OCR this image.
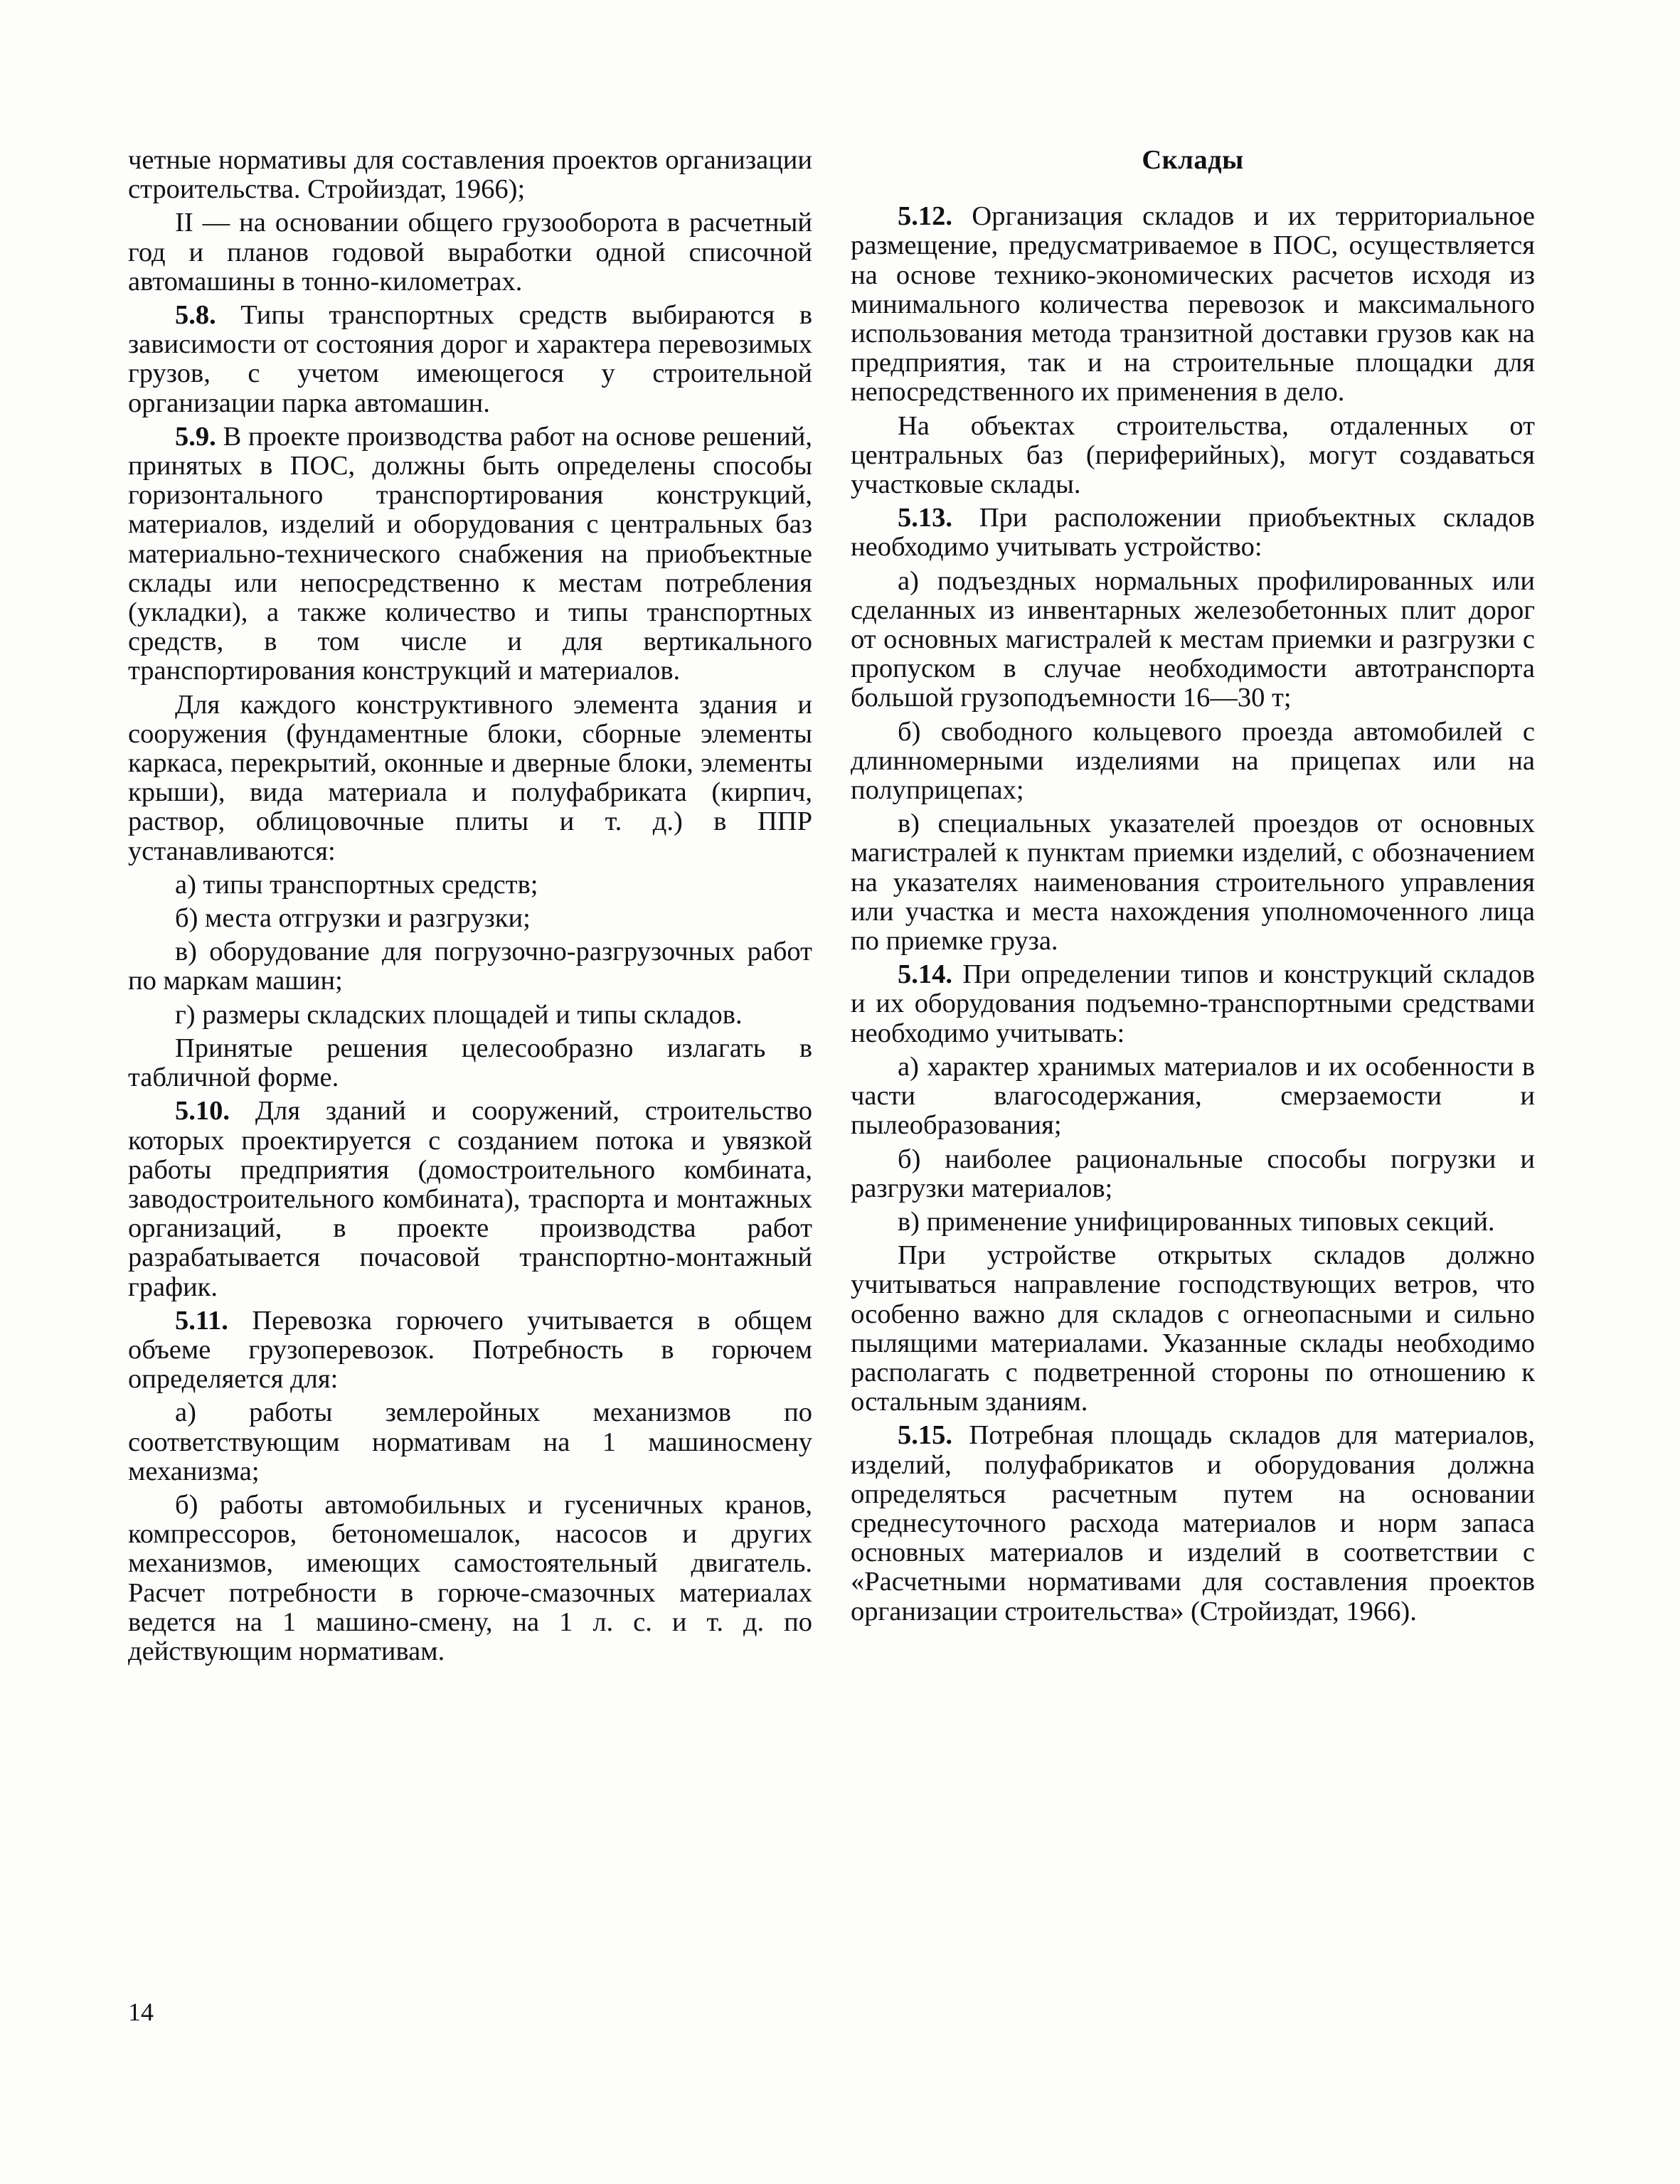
четные нормативы для составления проектов организации строительства. Стройиздат, 1966);

II — на основании общего грузооборота в расчетный год и планов годовой выработки одной списочной автомашины в тонно-километрах.

5.8. Типы транспортных средств выбираются в зависимости от состояния дорог и характера перевозимых грузов, с учетом имеющегося у строительной организации парка автомашин.

5.9. В проекте производства работ на основе решений, принятых в ПОС, должны быть определены способы горизонтального транспортирования конструкций, материалов, изделий и оборудования с центральных баз материально-технического снабжения на приобъектные склады или непосредственно к местам потребления (укладки), а также количество и типы транспортных средств, в том числе и для вертикального транспортирования конструкций и материалов.

Для каждого конструктивного элемента здания и сооружения (фундаментные блоки, сборные элементы каркаса, перекрытий, оконные и дверные блоки, элементы крыши), вида материала и полуфабриката (кирпич, раствор, облицовочные плиты и т. д.) в ППР устанавливаются:

а) типы транспортных средств;

б) места отгрузки и разгрузки;

в) оборудование для погрузочно-разгрузочных работ по маркам машин;

г) размеры складских площадей и типы складов.

Принятые решения целесообразно излагать в табличной форме.

5.10. Для зданий и сооружений, строительство которых проектируется с созданием потока и увязкой работы предприятия (домостроительного комбината, заводостроительного комбината), траспорта и монтажных организаций, в проекте производства работ разрабатывается почасовой транспортно-монтажный график.

5.11. Перевозка горючего учитывается в общем объеме грузоперевозок. Потребность в горючем определяется для:

а) работы землеройных механизмов по соответствующим нормативам на 1 машиносмену механизма;

б) работы автомобильных и гусеничных кранов, компрессоров, бетономешалок, насосов и других механизмов, имеющих самостоятельный двигатель. Расчет потребности в горюче-смазочных материалах ведется на 1 машино-смену, на 1 л. с. и т. д. по действующим нормативам.

Склады

5.12. Организация складов и их территориальное размещение, предусматриваемое в ПОС, осуществляется на основе технико-экономических расчетов исходя из минимального количества перевозок и максимального использования метода транзитной доставки грузов как на предприятия, так и на строительные площадки для непосредственного их применения в дело.

На объектах строительства, отдаленных от центральных баз (периферийных), могут создаваться участковые склады.

5.13. При расположении приобъектных складов необходимо учитывать устройство:

а) подъездных нормальных профилированных или сделанных из инвентарных железобетонных плит дорог от основных магистралей к местам приемки и разгрузки с пропуском в случае необходимости автотранспорта большой грузоподъемности 16—30 т;

б) свободного кольцевого проезда автомобилей с длинномерными изделиями на прицепах или на полуприцепах;

в) специальных указателей проездов от основных магистралей к пунктам приемки изделий, с обозначением на указателях наименования строительного управления или участка и места нахождения уполномоченного лица по приемке груза.

5.14. При определении типов и конструкций складов и их оборудования подъемно-транспортными средствами необходимо учитывать:

а) характер хранимых материалов и их особенности в части влагосодержания, смерзаемости и пылеобразования;

б) наиболее рациональные способы погрузки и разгрузки материалов;

в) применение унифицированных типовых секций.

При устройстве открытых складов должно учитываться направление господствующих ветров, что особенно важно для складов с огнеопасными и сильно пылящими материалами. Указанные склады необходимо располагать с подветренной стороны по отношению к остальным зданиям.

5.15. Потребная площадь складов для материалов, изделий, полуфабрикатов и оборудования должна определяться расчетным путем на основании среднесуточного расхода материалов и норм запаса основных материалов и изделий в соответствии с «Расчетными нормативами для составления проектов организации строительства» (Стройиздат, 1966).

14
